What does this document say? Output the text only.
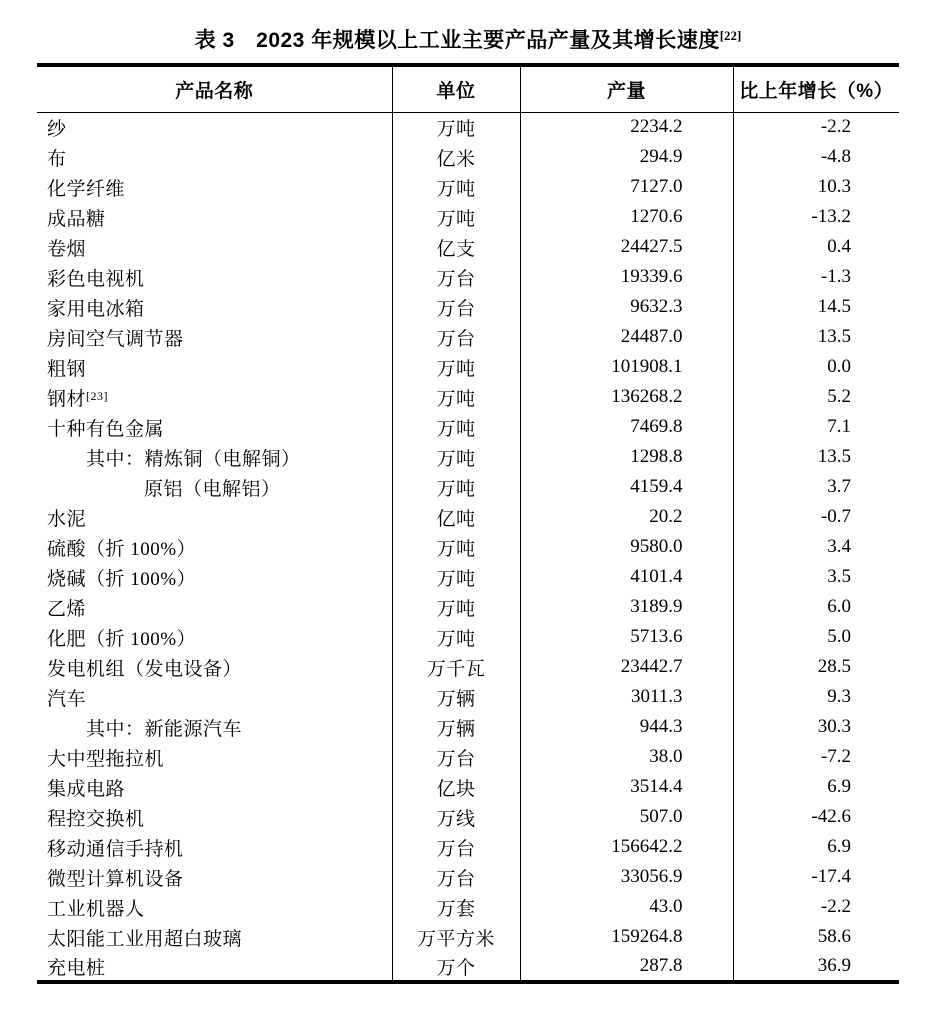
表 3　2023 年规模以上工业主要产品产量及其增长速度[22]
产品名称	单位	产量	比上年增长（%）
纱	万吨	2234.2	-2.2
布	亿米	294.9	-4.8
化学纤维	万吨	7127.0	10.3
成品糖	万吨	1270.6	-13.2
卷烟	亿支	24427.5	0.4
彩色电视机	万台	19339.6	-1.3
家用电冰箱	万台	9632.3	14.5
房间空气调节器	万台	24487.0	13.5
粗钢	万吨	101908.1	0.0
钢材[23]	万吨	136268.2	5.2
十种有色金属	万吨	7469.8	7.1
其中：精炼铜（电解铜）	万吨	1298.8	13.5
原铝（电解铝）	万吨	4159.4	3.7
水泥	亿吨	20.2	-0.7
硫酸（折 100%）	万吨	9580.0	3.4
烧碱（折 100%）	万吨	4101.4	3.5
乙烯	万吨	3189.9	6.0
化肥（折 100%）	万吨	5713.6	5.0
发电机组（发电设备）	万千瓦	23442.7	28.5
汽车	万辆	3011.3	9.3
其中：新能源汽车	万辆	944.3	30.3
大中型拖拉机	万台	38.0	-7.2
集成电路	亿块	3514.4	6.9
程控交换机	万线	507.0	-42.6
移动通信手持机	万台	156642.2	6.9
微型计算机设备	万台	33056.9	-17.4
工业机器人	万套	43.0	-2.2
太阳能工业用超白玻璃	万平方米	159264.8	58.6
充电桩	万个	287.8	36.9
